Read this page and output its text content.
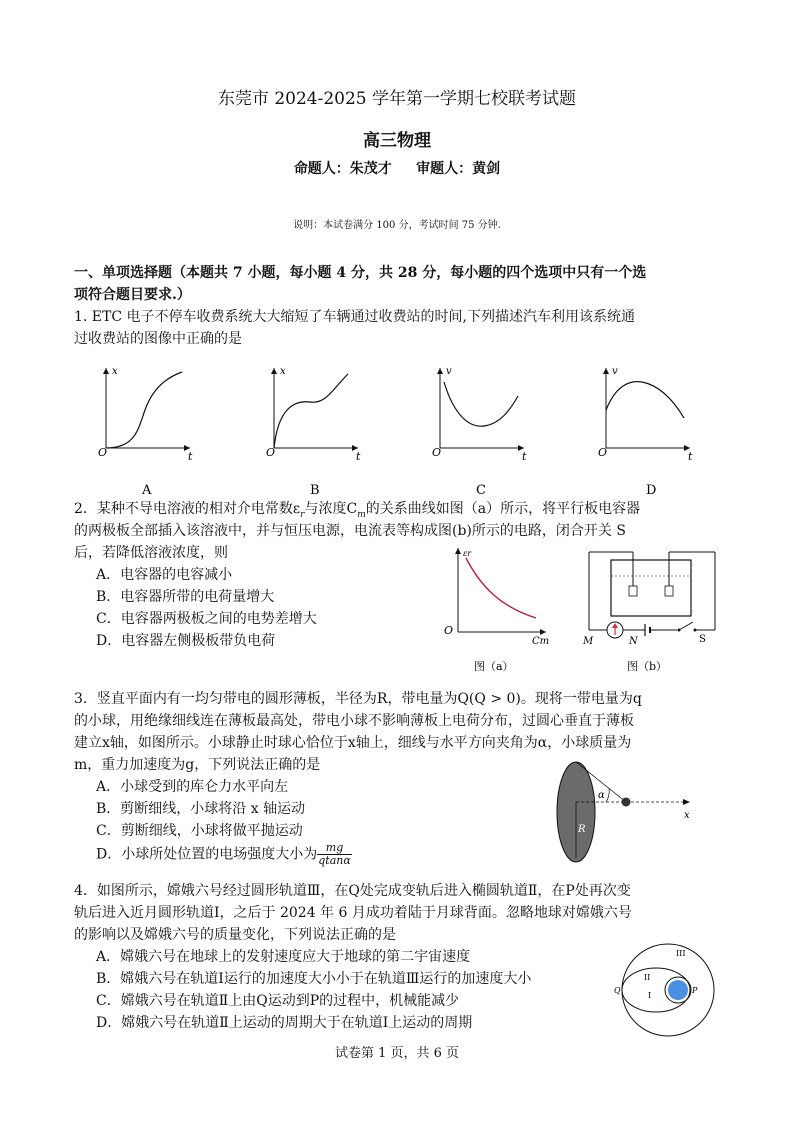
东莞市 2024-2025 学年第一学期七校联考试题
高三物理
命题人：朱茂才     审题人：黄剑
说明：本试卷满分 100 分，考试时间 75 分钟.
一、单项选择题（本题共 7 小题，每小题 4 分，共 28 分，每小题的四个选项中只有一个选
项符合题目要求.）
1. ETC 电子不停车收费系统大大缩短了车辆通过收费站的时间,下列描述汽车利用该系统通
过收费站的图像中正确的是
x
O	t
A
x
O	t
B
v
O	t
C
v
O	t
D
2．某种不导电溶液的相对介电常数$\varepsilon_r$与浓度$C_m$的关系曲线如图（a）所示，将平行板电容器
的两极板全部插入该溶液中，并与恒压电源，电流表等构成图(b)所示的电路，闭合开关 S
后，若降低溶液浓度，则
A．电容器的电容减小
B．电容器所带的电荷量增大
C．电容器两极板之间的电势差增大
D．电容器左侧极板带负电荷
εr
O
Cm
图（a）
M	N	S
图（b）
3．竖直平面内有一均匀带电的圆形薄板，半径为R，带电量为Q(Q > 0)。现将一带电量为q
的小球，用绝缘细线连在薄板最高处，带电小球不影响薄板上电荷分布，过圆心垂直于薄板
建立x轴，如图所示。小球静止时球心恰位于x轴上，细线与水平方向夹角为α，小球质量为
m，重力加速度为g，下列说法正确的是
A．小球受到的库仑力水平向左
B．剪断细线，小球将沿 x 轴运动
C．剪断细线，小球将做平抛运动
D．小球所处位置的电场强度大小为 $\frac{mg}{qtan\alpha}$
α
R
x
4．如图所示，嫦娥六号经过圆形轨道Ⅲ，在Q处完成变轨后进入椭圆轨道Ⅱ，在P处再次变
轨后进入近月圆形轨道Ⅰ，之后于 2024 年 6 月成功着陆于月球背面。忽略地球对嫦娥六号
的影响以及嫦娥六号的质量变化，下列说法正确的是
A．嫦娥六号在地球上的发射速度应大于地球的第二宇宙速度
B．嫦娥六号在轨道Ⅰ运行的加速度大小小于在轨道Ⅲ运行的加速度大小
C．嫦娥六号在轨道Ⅱ上由Q运动到P的过程中，机械能减少
D．嫦娥六号在轨道Ⅱ上运动的周期大于在轨道Ⅰ上运动的周期
III
II
I
Q	P
试卷第 1 页，共 6 页
